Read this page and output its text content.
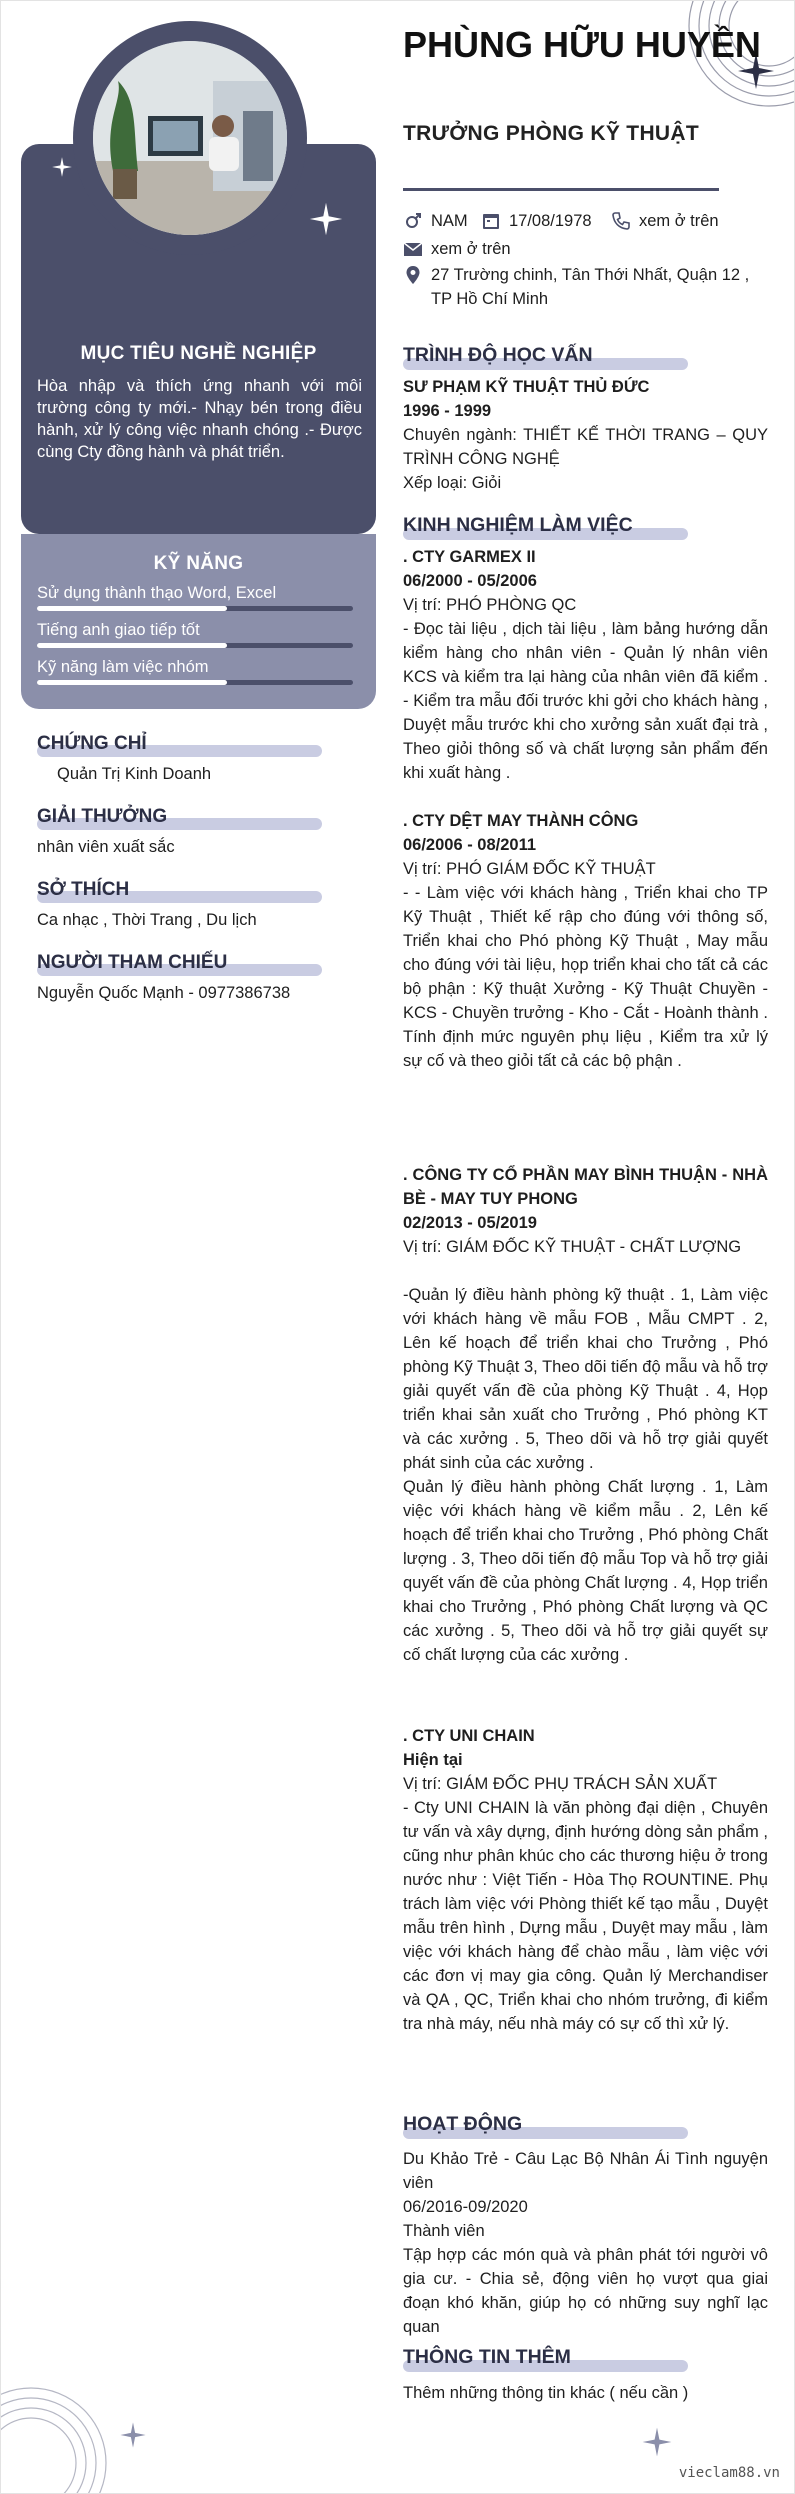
MỤC TIÊU NGHỀ NGHIỆP
Hòa nhập và thích ứng nhanh với môi trường công ty mới.- Nhạy bén trong điều hành, xử lý công việc nhanh chóng .- Được cùng Cty đồng hành và phát triển.
KỸ NĂNG
Sử dụng thành thạo Word, Excel
Tiếng anh giao tiếp tốt
Kỹ năng làm việc nhóm
CHỨNG CHỈ
Quản Trị Kinh Doanh
GIẢI THƯỞNG
nhân viên xuất sắc
SỞ THÍCH
Ca nhạc , Thời Trang , Du lịch
NGƯỜI THAM CHIẾU
Nguyễn Quốc Mạnh - 0977386738
PHÙNG HỮU HUYỀN
TRƯỞNG PHÒNG KỸ THUẬT
NAM	17/08/1978	xem ở trên
xem ở trên
27 Trường chinh, Tân Thới Nhất, Quận 12 , TP Hồ Chí Minh
TRÌNH ĐỘ HỌC VẤN
SƯ PHẠM KỸ THUẬT THỦ ĐỨC
1996 - 1999
Chuyên ngành: THIẾT KẾ THỜI TRANG – QUY TRÌNH CÔNG NGHỆ
Xếp loại: Giỏi
KINH NGHIỆM LÀM VIỆC
. CTY GARMEX II
06/2000 - 05/2006
Vị trí: PHÓ PHÒNG QC
- Đọc tài liệu , dịch tài liệu , làm bảng hướng dẫn kiểm hàng cho nhân viên - Quản lý nhân viên KCS và kiểm tra lại hàng của nhân viên đã kiểm . - Kiểm tra mẫu đối trước khi gởi cho khách hàng , Duyệt mẫu trước khi cho xưởng sản xuất đại trà , Theo giỏi thông số và chất lượng sản phẩm đến khi xuất hàng .
. CTY DỆT MAY THÀNH CÔNG
06/2006 - 08/2011
Vị trí: PHÓ GIÁM ĐỐC KỸ THUẬT
- - Làm việc với khách hàng , Triển khai cho TP Kỹ Thuật , Thiết kế rập cho đúng với thông số, Triển khai cho Phó phòng Kỹ Thuật , May mẫu cho đúng với tài liệu, họp triển khai cho tất cả các bộ phận : Kỹ thuật Xưởng - Kỹ Thuật Chuyền - KCS - Chuyền trưởng - Kho - Cắt - Hoành thành . Tính định mức nguyên phụ liệu , Kiểm tra xử lý sự cố và theo giỏi tất cả các bộ phận .
. CÔNG TY CỔ PHẦN MAY BÌNH THUẬN - NHÀ BÈ - MAY TUY PHONG
02/2013 - 05/2019
Vị trí: GIÁM ĐỐC KỸ THUẬT - CHẤT LƯỢNG
-Quản lý điều hành phòng kỹ thuật . 1, Làm việc với khách hàng về mẫu FOB , Mẫu CMPT . 2, Lên kế hoạch để triển khai cho Trưởng , Phó phòng Kỹ Thuật 3, Theo dõi tiến độ mẫu và hỗ trợ giải quyết vấn đề của phòng Kỹ Thuật . 4, Họp triển khai sản xuất cho Trưởng , Phó phòng KT và các xưởng . 5, Theo dõi và hỗ trợ giải quyết phát sinh của các xưởng .
Quản lý điều hành phòng Chất lượng . 1, Làm việc với khách hàng về kiểm mẫu . 2, Lên kế hoạch để triển khai cho Trưởng , Phó phòng Chất lượng . 3, Theo dõi tiến độ mẫu Top và hỗ trợ giải quyết vấn đề của phòng Chất lượng . 4, Họp triển khai cho Trưởng , Phó phòng Chất lượng và QC các xưởng . 5, Theo dõi và hỗ trợ giải quyết sự cố chất lượng của các xưởng .
. CTY UNI CHAIN
Hiện tại
Vị trí: GIÁM ĐỐC PHỤ TRÁCH SẢN XUẤT
- Cty UNI CHAIN là văn phòng đại diện , Chuyên tư vấn và xây dựng, định hướng dòng sản phẩm , cũng như phân khúc cho các thương hiệu ở trong nước như : Việt Tiến - Hòa Thọ ROUNTINE. Phụ trách làm việc với Phòng thiết kế tạo mẫu , Duyệt mẫu trên hình , Dựng mẫu , Duyệt may mẫu , làm việc với khách hàng để chào mẫu , làm việc với các đơn vị may gia công. Quản lý Merchandiser và QA , QC, Triển khai cho nhóm trưởng, đi kiểm tra nhà máy, nếu nhà máy có sự cố thì xử lý.
HOẠT ĐỘNG
Du Khảo Trẻ - Câu Lạc Bộ Nhân Ái Tình nguyện viên
06/2016-09/2020
Thành viên
Tập hợp các món quà và phân phát tới người vô gia cư. - Chia sẻ, động viên họ vượt qua giai đoạn khó khăn, giúp họ có những suy nghĩ lạc quan
THÔNG TIN THÊM
Thêm những thông tin khác ( nếu cần )
vieclam88.vn
